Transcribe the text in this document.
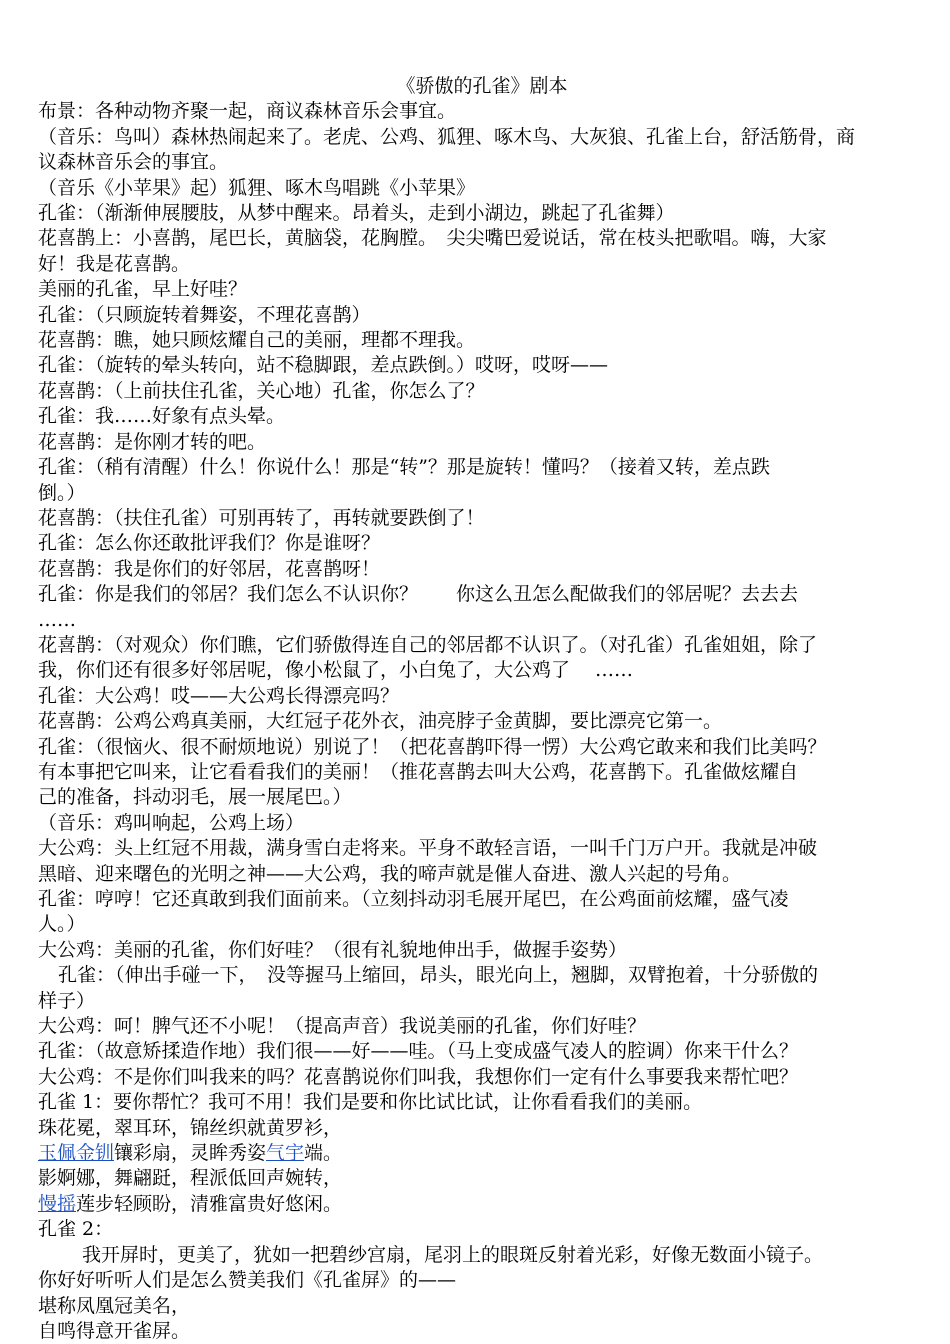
《骄傲的孔雀》剧本
布景：各种动物齐聚一起，商议森林音乐会事宜。
（音乐：鸟叫）森林热闹起来了。老虎、公鸡、狐狸、啄木鸟、大灰狼、孔雀上台，舒活筋骨，商
议森林音乐会的事宜。
（音乐《小苹果》起）狐狸、啄木鸟唱跳《小苹果》
孔雀：（渐渐伸展腰肢，从梦中醒来。昂着头，走到小湖边，跳起了孔雀舞）
花喜鹊上：小喜鹊，尾巴长，黄脑袋，花胸膛。　尖尖嘴巴爱说话，常在枝头把歌唱。嗨，大家
好！我是花喜鹊。
美丽的孔雀，早上好哇？
孔雀：（只顾旋转着舞姿，不理花喜鹊）
花喜鹊：瞧，她只顾炫耀自己的美丽，理都不理我。
孔雀：（旋转的晕头转向，站不稳脚跟，差点跌倒。）哎呀，哎呀——
花喜鹊：（上前扶住孔雀，关心地）孔雀，你怎么了？
孔雀：我……好象有点头晕。
花喜鹊：是你刚才转的吧。
孔雀：（稍有清醒）什么！你说什么！那是“转”？那是旋转！懂吗？（接着又转，差点跌
倒。）
花喜鹊：（扶住孔雀）可别再转了，再转就要跌倒了！
孔雀：怎么你还敢批评我们？你是谁呀？
花喜鹊：我是你们的好邻居，花喜鹊呀！
孔雀：你是我们的邻居？我们怎么不认识你？　　你这么丑怎么配做我们的邻居呢？去去去
……
花喜鹊：（对观众）你们瞧，它们骄傲得连自己的邻居都不认识了。（对孔雀）孔雀姐姐，除了
我，你们还有很多好邻居呢，像小松鼠了，小白兔了，大公鸡了　 ……
孔雀：大公鸡！哎——大公鸡长得漂亮吗？
花喜鹊：公鸡公鸡真美丽，大红冠子花外衣，油亮脖子金黄脚，要比漂亮它第一。
孔雀：（很恼火、很不耐烦地说）别说了！（把花喜鹊吓得一愣）大公鸡它敢来和我们比美吗？
有本事把它叫来，让它看看我们的美丽！（推花喜鹊去叫大公鸡，花喜鹊下。孔雀做炫耀自
己的准备，抖动羽毛，展一展尾巴。）
（音乐：鸡叫响起，公鸡上场）
大公鸡：头上红冠不用裁，满身雪白走将来。平身不敢轻言语，一叫千门万户开。我就是冲破
黑暗、迎来曙色的光明之神——大公鸡，我的啼声就是催人奋进、激人兴起的号角。
孔雀：哼哼！它还真敢到我们面前来。（立刻抖动羽毛展开尾巴，在公鸡面前炫耀，盛气凌
人。）
大公鸡：美丽的孔雀，你们好哇？（很有礼貌地伸出手，做握手姿势）
孔雀：（伸出手碰一下，　没等握马上缩回，昂头，眼光向上，翘脚，双臂抱着，十分骄傲的
样子）
大公鸡：呵！脾气还不小呢！（提高声音）我说美丽的孔雀，你们好哇？
孔雀：（故意矫揉造作地）我们很——好——哇。（马上变成盛气凌人的腔调）你来干什么？
大公鸡：不是你们叫我来的吗？花喜鹊说你们叫我，我想你们一定有什么事要我来帮忙吧？
孔雀 1：要你帮忙？我可不用！我们是要和你比试比试，让你看看我们的美丽。
珠花冕，翠耳环，锦丝织就黄罗衫，
玉佩金钏镶彩扇，灵眸秀姿气宇端。
影婀娜，舞翩跹，程派低回声婉转，
慢摇莲步轻顾盼，清雅富贵好悠闲。
孔雀 2：
我开屏时，更美了，犹如一把碧纱宫扇，尾羽上的眼斑反射着光彩，好像无数面小镜子。
你好好听听人们是怎么赞美我们《孔雀屏》的——
堪称凤凰冠美名，
自鸣得意开雀屏。
